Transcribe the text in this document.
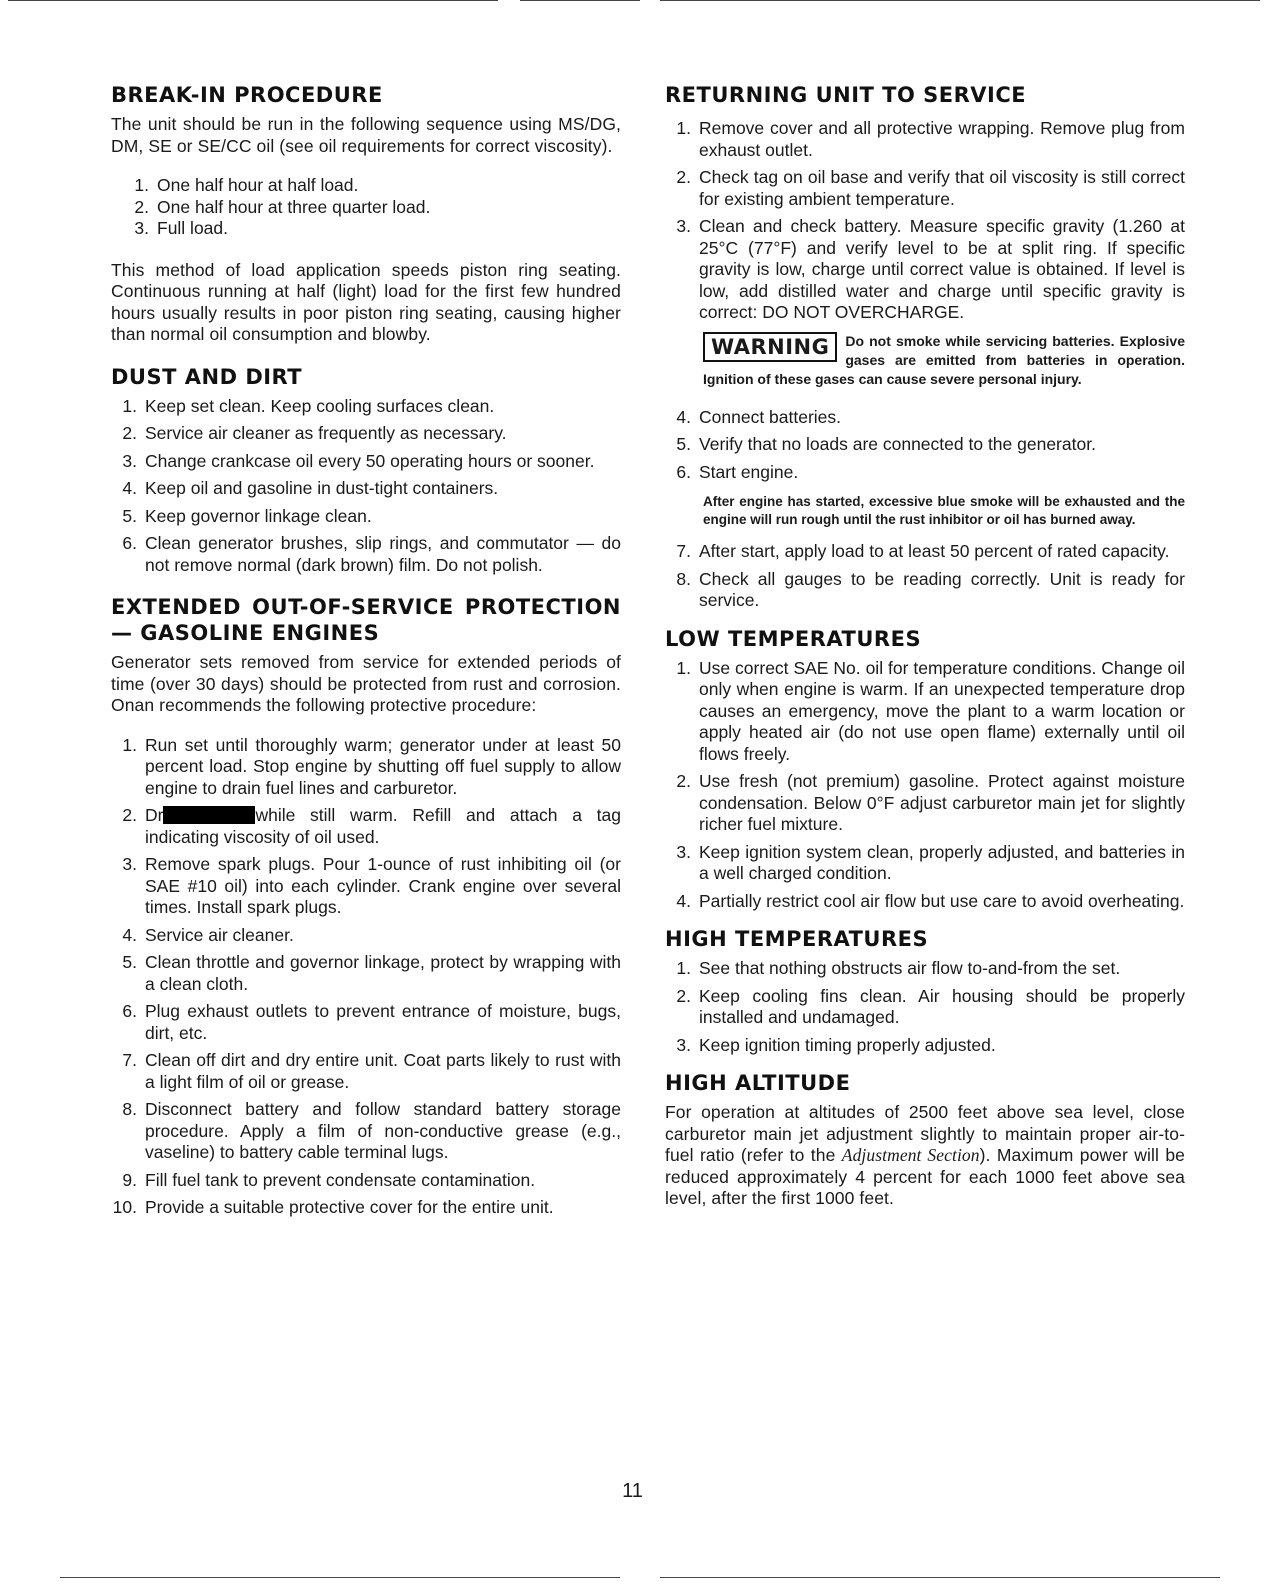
BREAK-IN PROCEDURE

The unit should be run in the following sequence using MS/DG, DM, SE or SE/CC oil (see oil requirements for correct viscosity).

1. One half hour at half load.
2. One half hour at three quarter load.
3. Full load.

This method of load application speeds piston ring seating. Continuous running at half (light) load for the first few hundred hours usually results in poor piston ring seating, causing higher than normal oil consumption and blowby.

DUST AND DIRT
1. Keep set clean. Keep cooling surfaces clean.
2. Service air cleaner as frequently as necessary.
3. Change crankcase oil every 50 operating hours or sooner.
4. Keep oil and gasoline in dust-tight containers.
5. Keep governor linkage clean.
6. Clean generator brushes, slip rings, and commutator — do not remove normal (dark brown) film. Do not polish.
EXTENDED OUT-OF-SERVICE PROTECTION — GASOLINE ENGINES

Generator sets removed from service for extended periods of time (over 30 days) should be protected from rust and corrosion. Onan recommends the following protective procedure:

1. Run set until thoroughly warm; generator under at least 50 percent load. Stop engine by shutting off fuel supply to allow engine to drain fuel lines and carburetor.
2. Dr	while still warm. Refill and attach a tag indicating viscosity of oil used.
3. Remove spark plugs. Pour 1-ounce of rust inhibiting oil (or SAE #10 oil) into each cylinder. Crank engine over several times. Install spark plugs.
4. Service air cleaner.
5. Clean throttle and governor linkage, protect by wrapping with a clean cloth.
6. Plug exhaust outlets to prevent entrance of moisture, bugs, dirt, etc.
7. Clean off dirt and dry entire unit. Coat parts likely to rust with a light film of oil or grease.
8. Disconnect battery and follow standard battery storage procedure. Apply a film of non-conductive grease (e.g., vaseline) to battery cable terminal lugs.
9. Fill fuel tank to prevent condensate contamination.
10. Provide a suitable protective cover for the entire unit.
RETURNING UNIT TO SERVICE
1. Remove cover and all protective wrapping. Remove plug from exhaust outlet.
2. Check tag on oil base and verify that oil viscosity is still correct for existing ambient temperature.
3. Clean and check battery. Measure specific gravity (1.260 at 25°C (77°F) and verify level to be at split ring. If specific gravity is low, charge until correct value is obtained. If level is low, add distilled water and charge until specific gravity is correct: DO NOT OVERCHARGE.
WARNING	Do not smoke while servicing batteries. Explosive gases are emitted from batteries in operation. Ignition of these gases can cause severe personal injury.
4. Connect batteries.
5. Verify that no loads are connected to the generator.
6. Start engine.
After engine has started, excessive blue smoke will be exhausted and the engine will run rough until the rust inhibitor or oil has burned away.
7. After start, apply load to at least 50 percent of rated capacity.
8. Check all gauges to be reading correctly. Unit is ready for service.
LOW TEMPERATURES
1. Use correct SAE No. oil for temperature conditions. Change oil only when engine is warm. If an unexpected temperature drop causes an emergency, move the plant to a warm location or apply heated air (do not use open flame) externally until oil flows freely.
2. Use fresh (not premium) gasoline. Protect against moisture condensation. Below 0°F adjust carburetor main jet for slightly richer fuel mixture.
3. Keep ignition system clean, properly adjusted, and batteries in a well charged condition.
4. Partially restrict cool air flow but use care to avoid overheating.
HIGH TEMPERATURES
1. See that nothing obstructs air flow to-and-from the set.
2. Keep cooling fins clean. Air housing should be properly installed and undamaged.
3. Keep ignition timing properly adjusted.
HIGH ALTITUDE

For operation at altitudes of 2500 feet above sea level, close carburetor main jet adjustment slightly to maintain proper air-to-fuel ratio (refer to the Adjustment Section). Maximum power will be reduced approximately 4 percent for each 1000 feet above sea level, after the first 1000 feet.

11
